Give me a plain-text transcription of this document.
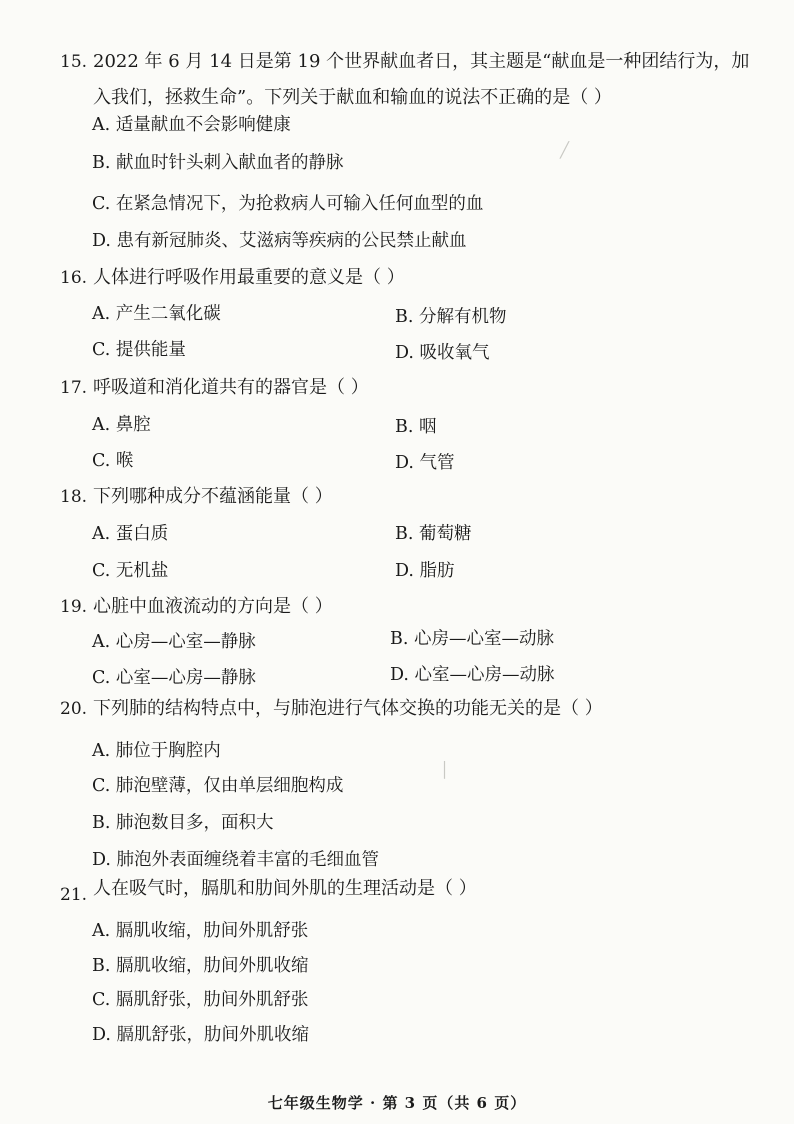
╱
│
15. 2022 年 6 月 14 日是第 19 个世界献血者日，其主题是“献血是一种团结行为，加
入我们，拯救生命”。下列关于献血和输血的说法不正确的是（ ）
A. 适量献血不会影响健康
B. 献血时针头刺入献血者的静脉
C. 在紧急情况下，为抢救病人可输入任何血型的血
D. 患有新冠肺炎、艾滋病等疾病的公民禁止献血
16. 人体进行呼吸作用最重要的意义是（ ）
A. 产生二氧化碳	B. 分解有机物
C. 提供能量	D. 吸收氧气
17. 呼吸道和消化道共有的器官是（ ）
A. 鼻腔	B. 咽
C. 喉	D. 气管
18. 下列哪种成分不蕴涵能量（ ）
A. 蛋白质	B. 葡萄糖
C. 无机盐	D. 脂肪
19. 心脏中血液流动的方向是（ ）
A. 心房—心室—静脉	B. 心房—心室—动脉
C. 心室—心房—静脉	D. 心室—心房—动脉
20. 下列肺的结构特点中，与肺泡进行气体交换的功能无关的是（ ）
A. 肺位于胸腔内
C. 肺泡壁薄，仅由单层细胞构成
B. 肺泡数目多，面积大
D. 肺泡外表面缠绕着丰富的毛细血管
21. 人在吸气时，膈肌和肋间外肌的生理活动是（ ）
A. 膈肌收缩，肋间外肌舒张
B. 膈肌收缩，肋间外肌收缩
C. 膈肌舒张，肋间外肌舒张
D. 膈肌舒张，肋间外肌收缩
七年级生物学 · 第 3 页（共 6 页）
